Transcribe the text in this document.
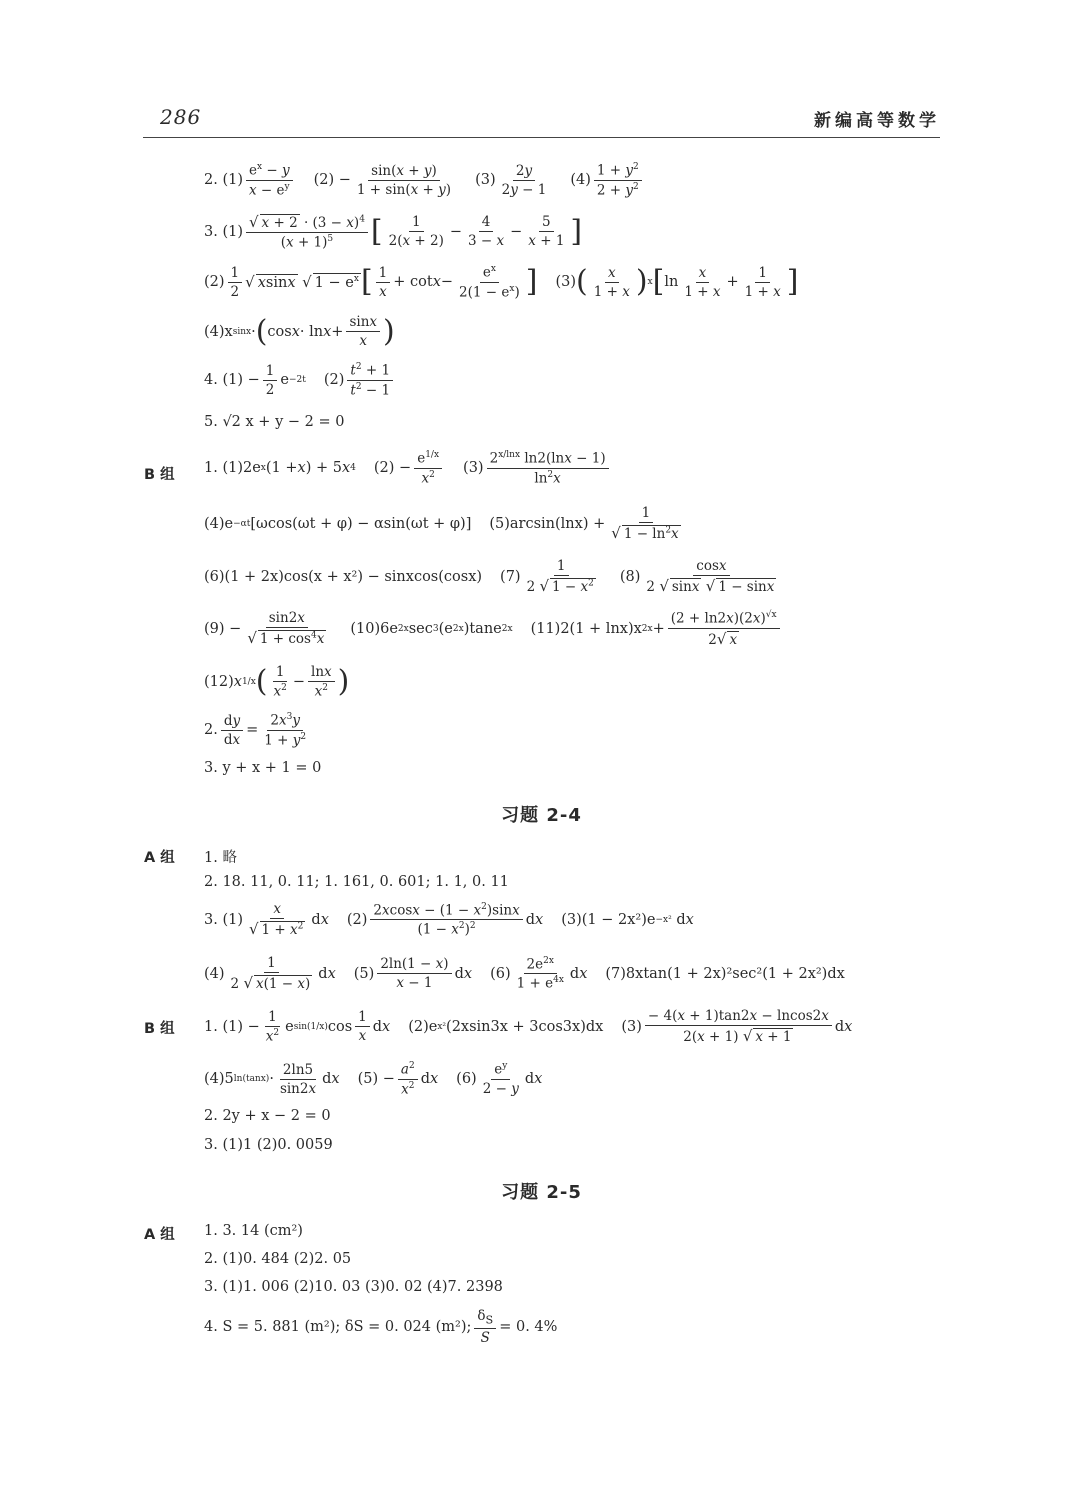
286	新编高等数学
2. $(1) \frac{e^x - y}{x - e^y} (2) - \frac{\sin(x + y)}{1 + \sin(x + y)} (3) \frac{2y}{2y - 1} (4) \frac{1 + y^2}{2 + y^2}$
3. $(1) \frac{√ x + 2 \cdot (3 - x)^4}{(x + 1)^5}$ [ $\frac{1}{2(x + 2)} - \frac{4}{3 - x} - \frac{5}{x + 1}$ ]
$(2) \frac{1}{2}$ √ xsinx
√ $1 - e^x$ [ $\frac{1}{x} + \cot x - \frac{e^x}{2(1 - e^x)}$ ] (3) ( $\frac{x}{1 + x}$ ) x [ $\ln \frac{x}{1 + x} + \frac{1}{1 + x}$ ]
(4)x sinx · ( $\cos x \cdot \ln x + \frac{\sin x}{x}$ )
4. $(1) - \frac{1}{2}$ e −2t $(2) \frac{t^2 + 1}{t^2 - 1}$
5. √2 x + y − 2 = 0
B 组 1. (1)2e x (1 + x ) + 5 x 4 $(2) - \frac{e^{1/x}}{x^2} (3) \frac{2^{x/lnx} \ln 2(\ln x - 1)}{\ln^2x}$
(4)e −αt [ωcos(ωt + φ) − αsin(ωt + φ)] $(5)\arcsin(\ln x) + \frac{1}{√ 1 - \ln^2x}$
(6)(1 + 2x)cos(x + x²) − sinxcos(cosx) $(7) \frac{1}{2 √ 1 - x^2} (8) \frac{\cos x}{2 √ \sin x √ 1 - \sin x}$
$(9) - \frac{\sin 2x}{√ 1 + \cos^4x} (10)6e$ 2x sec 3 (e 2x )tane 2x (11)2(1 + lnx)x $2x + \frac{(2 + \ln 2x)(2x)^{√x}}{2√ x}$
(12) x 1/x ( $\frac{1}{x^2} - \frac{\ln x}{x^2}$ )
2. $\frac{dy}{dx} = \frac{2x^3y}{1 + y^2}$
3. y + x + 1 = 0
习题 2-4
A 组 1. 略
2. 18. 11, 0. 11; 1. 161, 0. 601; 1. 1, 0. 11
3. $(1) \frac{x}{√ 1 + x^2}$ d x $(2) \frac{2xcosx - (1 - x^2)\sin x}{(1 - x^2)^2}$ d x (3)(1 − 2x²)e −x² d x
$(4) \frac{1}{2 √ x(1 - x)}$ d x $(5) \frac{2\ln(1 - x)}{x - 1}$ d x $(6) \frac{2e^{2x}}{1 + e^{4x}}$ d x (7)8xtan(1 + 2x)²sec²(1 + 2x²)dx
B 组 1. $(1) - \frac{1}{x^2}$ e sin(1/x) $\cos \frac{1}{x}$ d x (2)e x² (2xsin3x + 3cos3x)dx $(3) \frac{- 4(x + 1)\tan 2x - lncos2x}{2(x + 1) √ x + 1}$ d x
(4)5 $\ln(\tan x) \cdot \frac{2\ln 5}{\sin 2x}$ d x $(5) - \frac{a^2}{x^2}$ d x $(6) \frac{e^y}{2 - y}$ d x
2. 2y + x − 2 = 0
3. (1)1 (2)0. 0059
习题 2-5
A 组 1. 3. 14 (cm²)
2. (1)0. 484 (2)2. 05
3. (1)1. 006 (2)10. 03 (3)0. 02 (4)7. 2398
4. S = 5. 881 (m²); δS = 0. 024 (m²); $\frac{\delta_S}{S} = 0$. 4%
